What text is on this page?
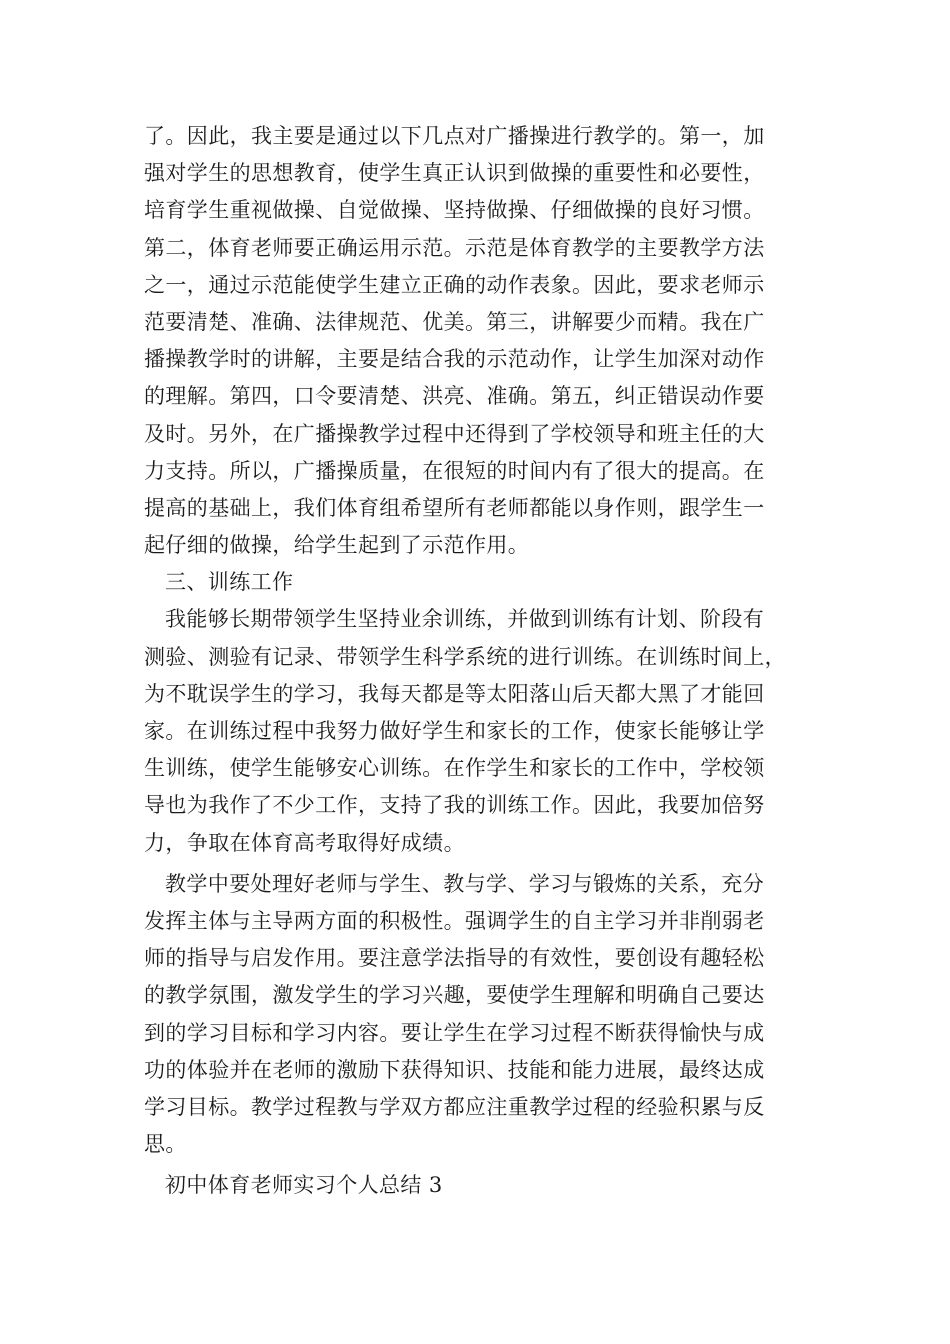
了。因此，我主要是通过以下几点对广播操进行教学的。第一，加
强对学生的思想教育，使学生真正认识到做操的重要性和必要性，
培育学生重视做操、自觉做操、坚持做操、仔细做操的良好习惯。
第二，体育老师要正确运用示范。示范是体育教学的主要教学方法
之一，通过示范能使学生建立正确的动作表象。因此，要求老师示
范要清楚、准确、法律规范、优美。第三，讲解要少而精。我在广
播操教学时的讲解，主要是结合我的示范动作，让学生加深对动作
的理解。第四，口令要清楚、洪亮、准确。第五，纠正错误动作要
及时。另外，在广播操教学过程中还得到了学校领导和班主任的大
力支持。所以，广播操质量，在很短的时间内有了很大的提高。在
提高的基础上，我们体育组希望所有老师都能以身作则，跟学生一
起仔细的做操，给学生起到了示范作用。
三、训练工作
我能够长期带领学生坚持业余训练，并做到训练有计划、阶段有
测验、测验有记录、带领学生科学系统的进行训练。在训练时间上，
为不耽误学生的学习，我每天都是等太阳落山后天都大黑了才能回
家。在训练过程中我努力做好学生和家长的工作，使家长能够让学
生训练，使学生能够安心训练。在作学生和家长的工作中，学校领
导也为我作了不少工作，支持了我的训练工作。因此，我要加倍努
力，争取在体育高考取得好成绩。
教学中要处理好老师与学生、教与学、学习与锻炼的关系，充分
发挥主体与主导两方面的积极性。强调学生的自主学习并非削弱老
师的指导与启发作用。要注意学法指导的有效性，要创设有趣轻松
的教学氛围，激发学生的学习兴趣，要使学生理解和明确自己要达
到的学习目标和学习内容。要让学生在学习过程不断获得愉快与成
功的体验并在老师的激励下获得知识、技能和能力进展，最终达成
学习目标。教学过程教与学双方都应注重教学过程的经验积累与反
思。
初中体育老师实习个人总结 3
